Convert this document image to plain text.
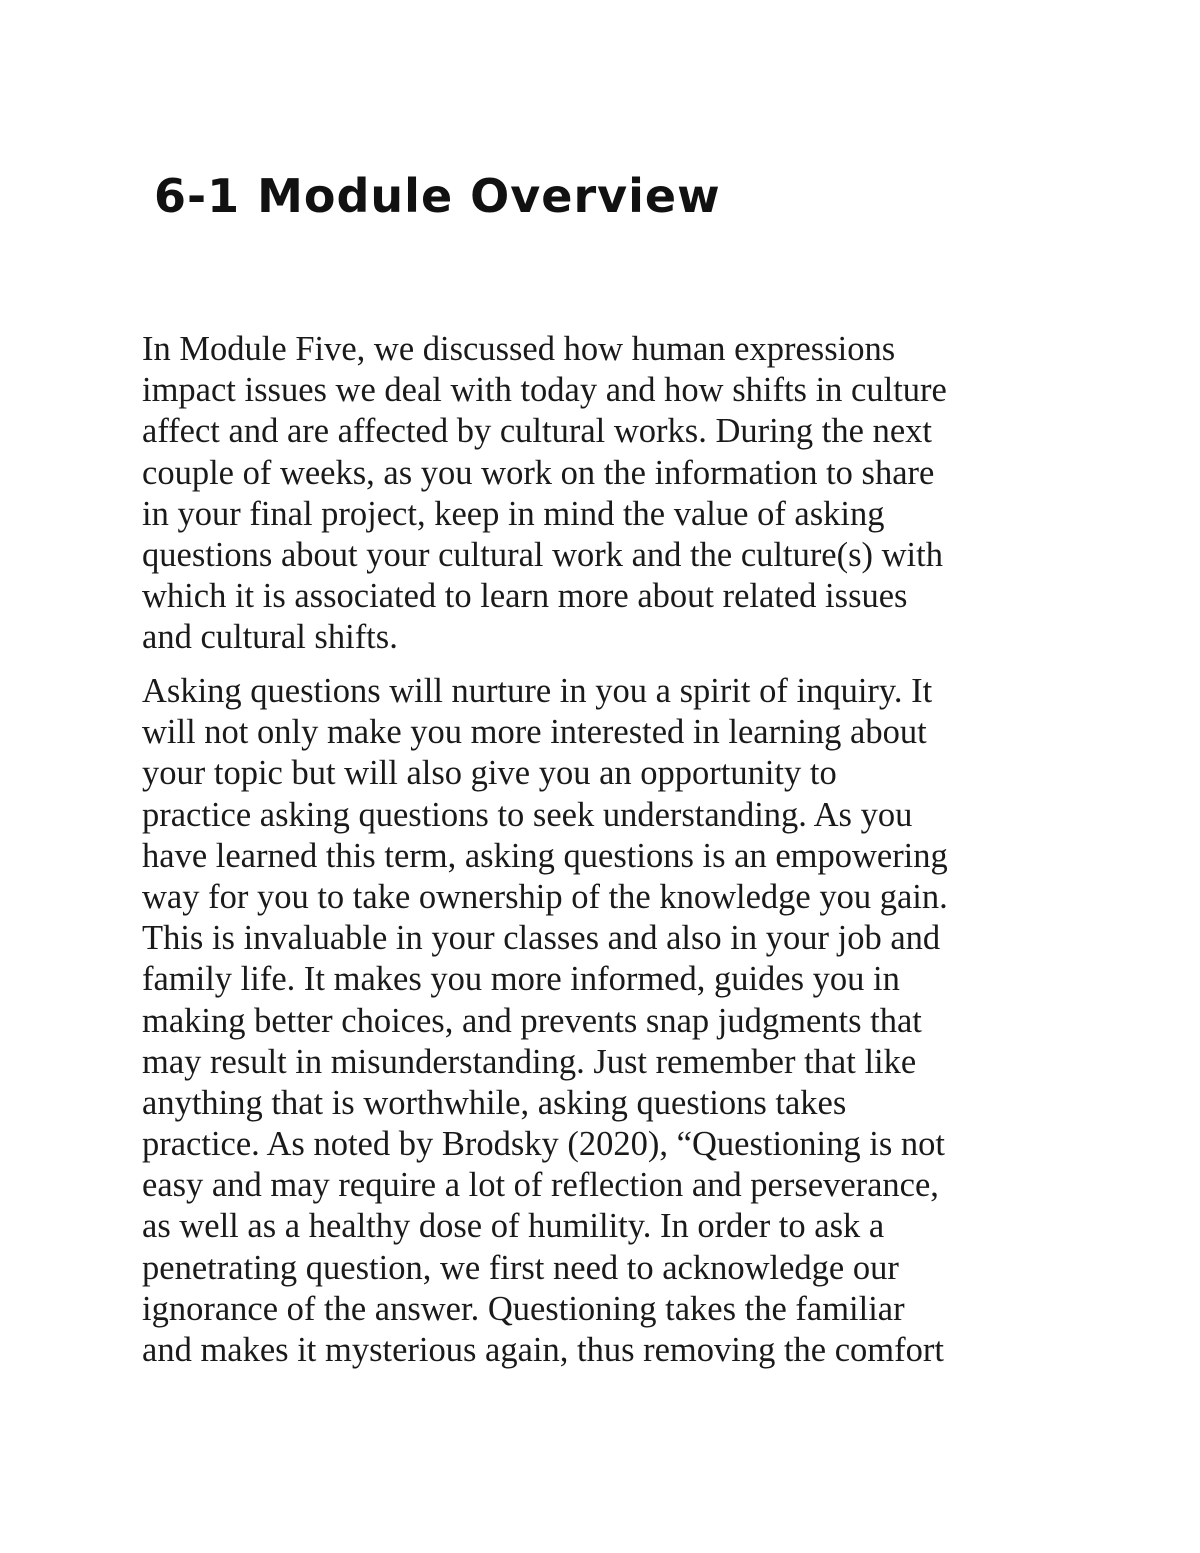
6-1 Module Overview
In Module Five, we discussed how human expressions
impact issues we deal with today and how shifts in culture
affect and are affected by cultural works. During the next
couple of weeks, as you work on the information to share
in your final project, keep in mind the value of asking
questions about your cultural work and the culture(s) with
which it is associated to learn more about related issues
and cultural shifts.
Asking questions will nurture in you a spirit of inquiry. It
will not only make you more interested in learning about
your topic but will also give you an opportunity to
practice asking questions to seek understanding. As you
have learned this term, asking questions is an empowering
way for you to take ownership of the knowledge you gain.
This is invaluable in your classes and also in your job and
family life. It makes you more informed, guides you in
making better choices, and prevents snap judgments that
may result in misunderstanding. Just remember that like
anything that is worthwhile, asking questions takes
practice. As noted by Brodsky (2020), “Questioning is not
easy and may require a lot of reflection and perseverance,
as well as a healthy dose of humility. In order to ask a
penetrating question, we first need to acknowledge our
ignorance of the answer. Questioning takes the familiar
and makes it mysterious again, thus removing the comfort
